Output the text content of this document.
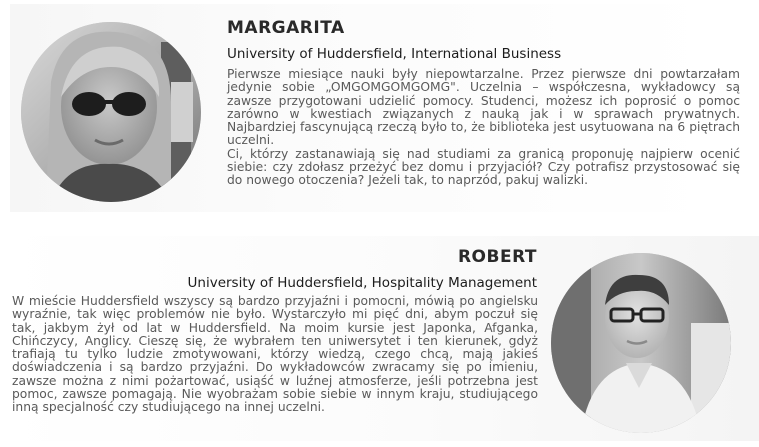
MARGARITA
University of Huddersfield, International Business

Pierwsze miesiące nauki były niepowtarzalne. Przez pierwsze dni powtarzałam jedynie sobie „OMGOMGOMGOMG". Uczelnia – współczesna, wykładowcy są zawsze przygotowani udzielić pomocy. Studenci, możesz ich poprosić o pomoc zarówno w kwestiach związanych z nauką jak i w sprawach prywatnych. Najbardziej fascynującą rzeczą było to, że biblioteka jest usytuowana na 6 piętrach uczelni.

Ci, którzy zastanawiają się nad studiami za granicą proponuję najpierw ocenić siebie: czy zdołasz przeżyć bez domu i przyjaciół? Czy potrafisz przystosować się do nowego otoczenia? Jeżeli tak, to naprzód, pakuj walizki.

ROBERT
University of Huddersfield, Hospitality Management

W mieście Huddersfield wszyscy są bardzo przyjaźni i pomocni, mówią po angielsku wyraźnie, tak więc problemów nie było. Wystarczyło mi pięć dni, abym poczuł się tak, jakbym żył od lat w Huddersfield. Na moim kursie jest Japonka, Afganka, Chińczycy, Anglicy. Cieszę się, że wybrałem ten uniwersytet i ten kierunek, gdyż trafiają tu tylko ludzie zmotywowani, którzy wiedzą, czego chcą, mają jakieś doświadczenia i są bardzo przyjaźni. Do wykładowców zwracamy się po imieniu, zawsze można z nimi pożartować, usiąść w luźnej atmosferze, jeśli potrzebna jest pomoc, zawsze pomagają. Nie wyobrażam sobie siebie w innym kraju, studiującego inną specjalność czy studiującego na innej uczelni.
